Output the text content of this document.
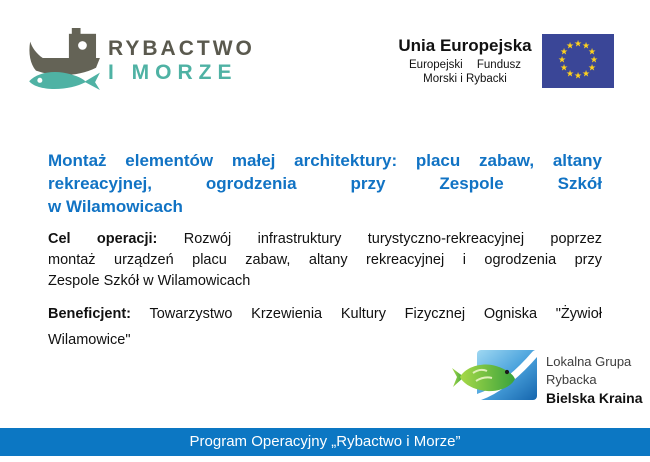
RYBACTWO
I MORZE
Unia Europejska
Europejski Fundusz
Morski i Rybacki
★ ★
★
★
★
★
★
★
★
★
★
★
Montaż elementów małej architektury: placu zabaw, altany
rekreacyjnej, ogrodzenia przy Zespole Szkół
w Wilamowicach
Cel operacji: Rozwój infrastruktury turystyczno-rekreacyjnej poprzez
montaż urządzeń placu zabaw, altany rekreacyjnej i ogrodzenia przy
Zespole Szkół w Wilamowicach
Beneficjent: Towarzystwo Krzewienia Kultury Fizycznej Ogniska "Żywioł
Wilamowice"
Lokalna Grupa
Rybacka
Bielska Kraina
Program Operacyjny „Rybactwo i Morze”
